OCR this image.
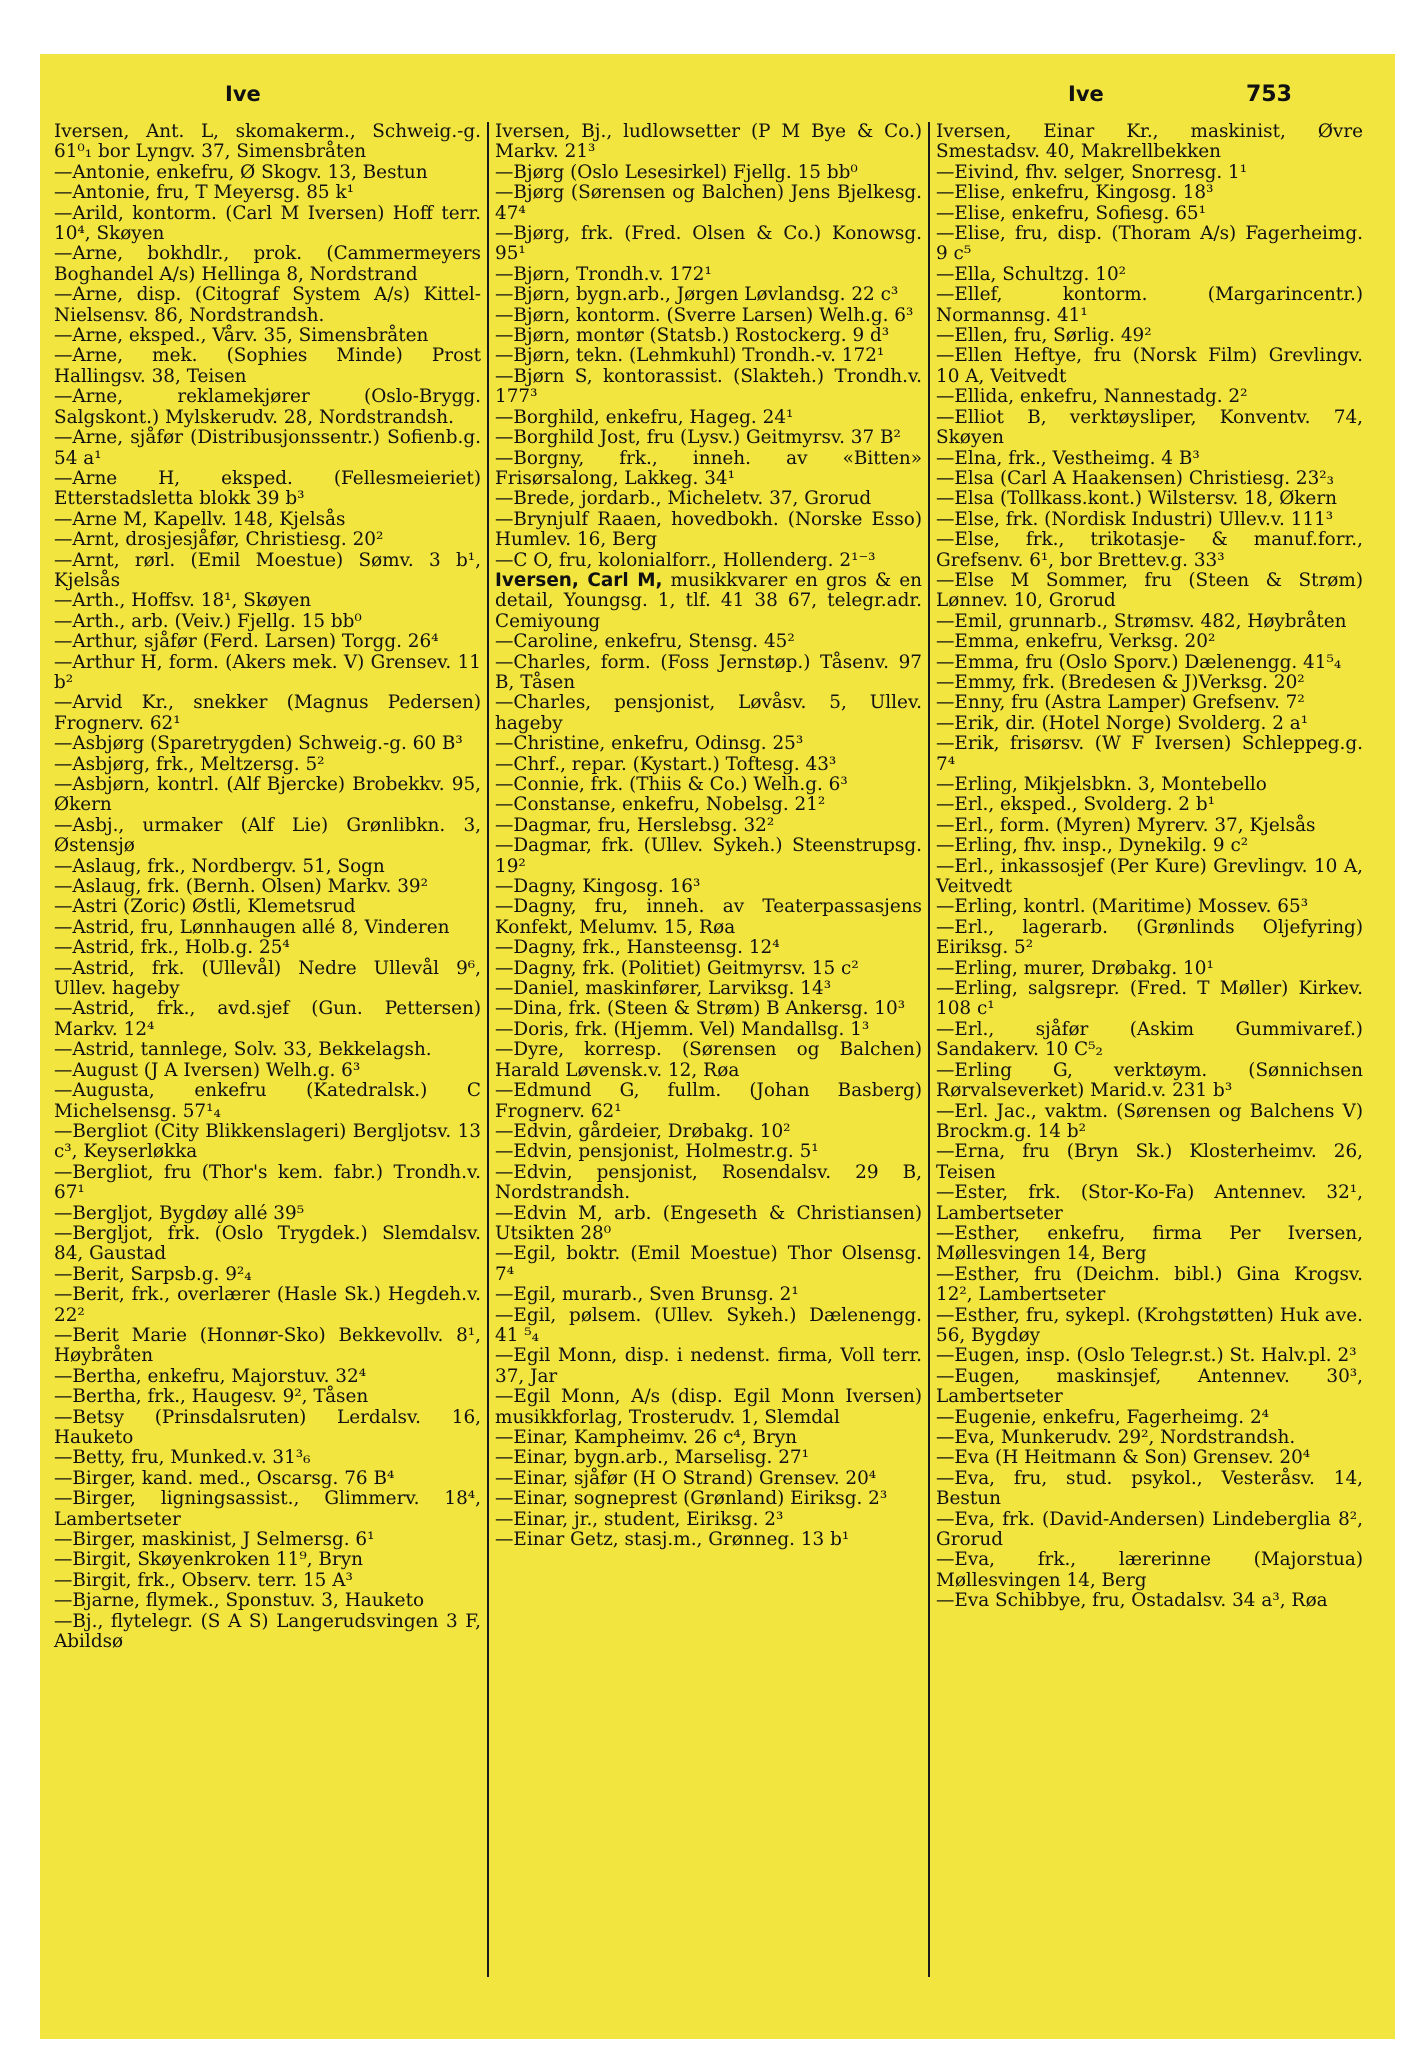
Ive	Ive	753
Iversen, Ant. L, skomakerm., Schweig.-g. 61⁰₁ bor Lyngv. 37, Simensbråten
—Antonie, enkefru, Ø Skogv. 13, Bestun
—Antonie, fru, T Meyersg. 85 k¹
—Arild, kontorm. (Carl M Iversen) Hoff terr. 10⁴, Skøyen
—Arne, bokhdlr., prok. (Cammermeyers Boghandel A/s) Hellinga 8, Nordstrand
—Arne, disp. (Citograf System A/s) Kittel-Nielsensv. 86, Nordstrandsh.
—Arne, eksped., Vårv. 35, Simensbråten
—Arne, mek. (Sophies Minde) Prost Hallingsv. 38, Teisen
—Arne, reklamekjører (Oslo-Brygg. Salgskont.) Mylskerudv. 28, Nordstrandsh.
—Arne, sjåfør (Distribusjonssentr.) Sofienb.g. 54 a¹
—Arne H, eksped. (Fellesmeieriet) Etterstadsletta blokk 39 b³
—Arne M, Kapellv. 148, Kjelsås
—Arnt, drosjesjåfør, Christiesg. 20²
—Arnt, rørl. (Emil Moestue) Sømv. 3 b¹, Kjelsås
—Arth., Hoffsv. 18¹, Skøyen
—Arth., arb. (Veiv.) Fjellg. 15 bb⁰
—Arthur, sjåfør (Ferd. Larsen) Torgg. 26⁴
—Arthur H, form. (Akers mek. V) Grensev. 11 b²
—Arvid Kr., snekker (Magnus Pedersen) Frognerv. 62¹
—Asbjørg (Sparetrygden) Schweig.-g. 60 B³
—Asbjørg, frk., Meltzersg. 5²
—Asbjørn, kontrl. (Alf Bjercke) Brobekkv. 95, Økern
—Asbj., urmaker (Alf Lie) Grønlibkn. 3, Østensjø
—Aslaug, frk., Nordbergv. 51, Sogn
—Aslaug, frk. (Bernh. Olsen) Markv. 39²
—Astri (Zoric) Østli, Klemetsrud
—Astrid, fru, Lønnhaugen allé 8, Vinderen
—Astrid, frk., Holb.g. 25⁴
—Astrid, frk. (Ullevål) Nedre Ullevål 9⁶, Ullev. hageby
—Astrid, frk., avd.sjef (Gun. Pettersen) Markv. 12⁴
—Astrid, tannlege, Solv. 33, Bekkelagsh.
—August (J A Iversen) Welh.g. 6³
—Augusta, enkefru (Katedralsk.) C Michelsensg. 57¹₄
—Bergliot (City Blikkenslageri) Bergljotsv. 13 c³, Keyserløkka
—Bergliot, fru (Thor's kem. fabr.) Trondh.v. 67¹
—Bergljot, Bygdøy allé 39⁵
—Bergljot, frk. (Oslo Trygdek.) Slemdalsv. 84, Gaustad
—Berit, Sarpsb.g. 9²₄
—Berit, frk., overlærer (Hasle Sk.) Hegdeh.v. 22²
—Berit Marie (Honnør-Sko) Bekkevollv. 8¹, Høybråten
—Bertha, enkefru, Majorstuv. 32⁴
—Bertha, frk., Haugesv. 9², Tåsen
—Betsy (Prinsdalsruten) Lerdalsv. 16, Hauketo
—Betty, fru, Munked.v. 31³₆
—Birger, kand. med., Oscarsg. 76 B⁴
—Birger, ligningsassist., Glimmerv. 18⁴, Lambertseter
—Birger, maskinist, J Selmersg. 6¹
—Birgit, Skøyenkroken 11⁹, Bryn
—Birgit, frk., Observ. terr. 15 A³
—Bjarne, flymek., Sponstuv. 3, Hauketo
—Bj., flytelegr. (S A S) Langerudsvingen 3 F, Abildsø
Iversen, Bj., ludlowsetter (P M Bye & Co.) Markv. 21³
—Bjørg (Oslo Lesesirkel) Fjellg. 15 bb⁰
—Bjørg (Sørensen og Balchen) Jens Bjelkesg. 47⁴
—Bjørg, frk. (Fred. Olsen & Co.) Konowsg. 95¹
—Bjørn, Trondh.v. 172¹
—Bjørn, bygn.arb., Jørgen Løvlandsg. 22 c³
—Bjørn, kontorm. (Sverre Larsen) Welh.g. 6³
—Bjørn, montør (Statsb.) Rostockerg. 9 d³
—Bjørn, tekn. (Lehmkuhl) Trondh.-v. 172¹
—Bjørn S, kontorassist. (Slakteh.) Trondh.v. 177³
—Borghild, enkefru, Hageg. 24¹
—Borghild Jost, fru (Lysv.) Geitmyrsv. 37 B²
—Borgny, frk., inneh. av «Bitten» Frisørsalong, Lakkeg. 34¹
—Brede, jordarb., Micheletv. 37, Grorud
—Brynjulf Raaen, hovedbokh. (Norske Esso) Humlev. 16, Berg
—C O, fru, kolonialforr., Hollenderg. 2¹⁻³
Iversen, Carl M, musikkvarer en gros & en detail, Youngsg. 1, tlf. 41 38 67, telegr.adr. Cemiyoung
—Caroline, enkefru, Stensg. 45²
—Charles, form. (Foss Jernstøp.) Tåsenv. 97 B, Tåsen
—Charles, pensjonist, Løvåsv. 5, Ullev. hageby
—Christine, enkefru, Odinsg. 25³
—Chrf., repar. (Kystart.) Toftesg. 43³
—Connie, frk. (Thiis & Co.) Welh.g. 6³
—Constanse, enkefru, Nobelsg. 21²
—Dagmar, fru, Herslebsg. 32²
—Dagmar, frk. (Ullev. Sykeh.) Steenstrupsg. 19²
—Dagny, Kingosg. 16³
—Dagny, fru, inneh. av Teaterpassasjens Konfekt, Melumv. 15, Røa
—Dagny, frk., Hansteensg. 12⁴
—Dagny, frk. (Politiet) Geitmyrsv. 15 c²
—Daniel, maskinfører, Larviksg. 14³
—Dina, frk. (Steen & Strøm) B Ankersg. 10³
—Doris, frk. (Hjemm. Vel) Mandallsg. 1³
—Dyre, korresp. (Sørensen og Balchen) Harald Løvensk.v. 12, Røa
—Edmund G, fullm. (Johan Basberg) Frognerv. 62¹
—Edvin, gårdeier, Drøbakg. 10²
—Edvin, pensjonist, Holmestr.g. 5¹
—Edvin, pensjonist, Rosendalsv. 29 B, Nordstrandsh.
—Edvin M, arb. (Engeseth & Christiansen) Utsikten 28⁰
—Egil, boktr. (Emil Moestue) Thor Olsensg. 7⁴
—Egil, murarb., Sven Brunsg. 2¹
—Egil, pølsem. (Ullev. Sykeh.) Dælenengg. 41 ⁵₄
—Egil Monn, disp. i nedenst. firma, Voll terr. 37, Jar
—Egil Monn, A/s (disp. Egil Monn Iversen) musikkforlag, Trosterudv. 1, Slemdal
—Einar, Kampheimv. 26 c⁴, Bryn
—Einar, bygn.arb., Marselisg. 27¹
—Einar, sjåfør (H O Strand) Grensev. 20⁴
—Einar, sogneprest (Grønland) Eiriksg. 2³
—Einar, jr., student, Eiriksg. 2³
—Einar Getz, stasj.m., Grønneg. 13 b¹
Iversen, Einar Kr., maskinist, Øvre Smestadsv. 40, Makrellbekken
—Eivind, fhv. selger, Snorresg. 1¹
—Elise, enkefru, Kingosg. 18³
—Elise, enkefru, Sofiesg. 65¹
—Elise, fru, disp. (Thoram A/s) Fagerheimg. 9 c⁵
—Ella, Schultzg. 10²
—Ellef, kontorm. (Margarincentr.) Normannsg. 41¹
—Ellen, fru, Sørlig. 49²
—Ellen Heftye, fru (Norsk Film) Grevlingv. 10 A, Veitvedt
—Ellida, enkefru, Nannestadg. 2²
—Elliot B, verktøysliper, Konventv. 74, Skøyen
—Elna, frk., Vestheimg. 4 B³
—Elsa (Carl A Haakensen) Christiesg. 23²₃
—Elsa (Tollkass.kont.) Wilstersv. 18, Økern
—Else, frk. (Nordisk Industri) Ullev.v. 111³
—Else, frk., trikotasje- & manuf.forr., Grefsenv. 6¹, bor Brettev.g. 33³
—Else M Sommer, fru (Steen & Strøm) Lønnev. 10, Grorud
—Emil, grunnarb., Strømsv. 482, Høybråten
—Emma, enkefru, Verksg. 20²
—Emma, fru (Oslo Sporv.) Dælenengg. 41⁵₄
—Emmy, frk. (Bredesen & J)Verksg. 20²
—Enny, fru (Astra Lamper) Grefsenv. 7²
—Erik, dir. (Hotel Norge) Svolderg. 2 a¹
—Erik, frisørsv. (W F Iversen) Schleppeg.g. 7⁴
—Erling, Mikjelsbkn. 3, Montebello
—Erl., eksped., Svolderg. 2 b¹
—Erl., form. (Myren) Myrerv. 37, Kjelsås
—Erling, fhv. insp., Dynekilg. 9 c²
—Erl., inkassosjef (Per Kure) Grevlingv. 10 A, Veitvedt
—Erling, kontrl. (Maritime) Mossev. 65³
—Erl., lagerarb. (Grønlinds Oljefyring) Eiriksg. 5²
—Erling, murer, Drøbakg. 10¹
—Erling, salgsrepr. (Fred. T Møller) Kirkev. 108 c¹
—Erl., sjåfør (Askim Gummivaref.) Sandakerv. 10 C⁵₂
—Erling G, verktøym. (Sønnichsen Rørvalseverket) Marid.v. 231 b³
—Erl. Jac., vaktm. (Sørensen og Balchens V) Brockm.g. 14 b²
—Erna, fru (Bryn Sk.) Klosterheimv. 26, Teisen
—Ester, frk. (Stor-Ko-Fa) Antennev. 32¹, Lambertseter
—Esther, enkefru, firma Per Iversen, Møllesvingen 14, Berg
—Esther, fru (Deichm. bibl.) Gina Krogsv. 12², Lambertseter
—Esther, fru, sykepl. (Krohgstøtten) Huk ave. 56, Bygdøy
—Eugen, insp. (Oslo Telegr.st.) St. Halv.pl. 2³
—Eugen, maskinsjef, Antennev. 30³, Lambertseter
—Eugenie, enkefru, Fagerheimg. 2⁴
—Eva, Munkerudv. 29², Nordstrandsh.
—Eva (H Heitmann & Son) Grensev. 20⁴
—Eva, fru, stud. psykol., Vesteråsv. 14, Bestun
—Eva, frk. (David-Andersen) Lindeberglia 8², Grorud
—Eva, frk., lærerinne (Majorstua) Møllesvingen 14, Berg
—Eva Schibbye, fru, Ostadalsv. 34 a³, Røa
